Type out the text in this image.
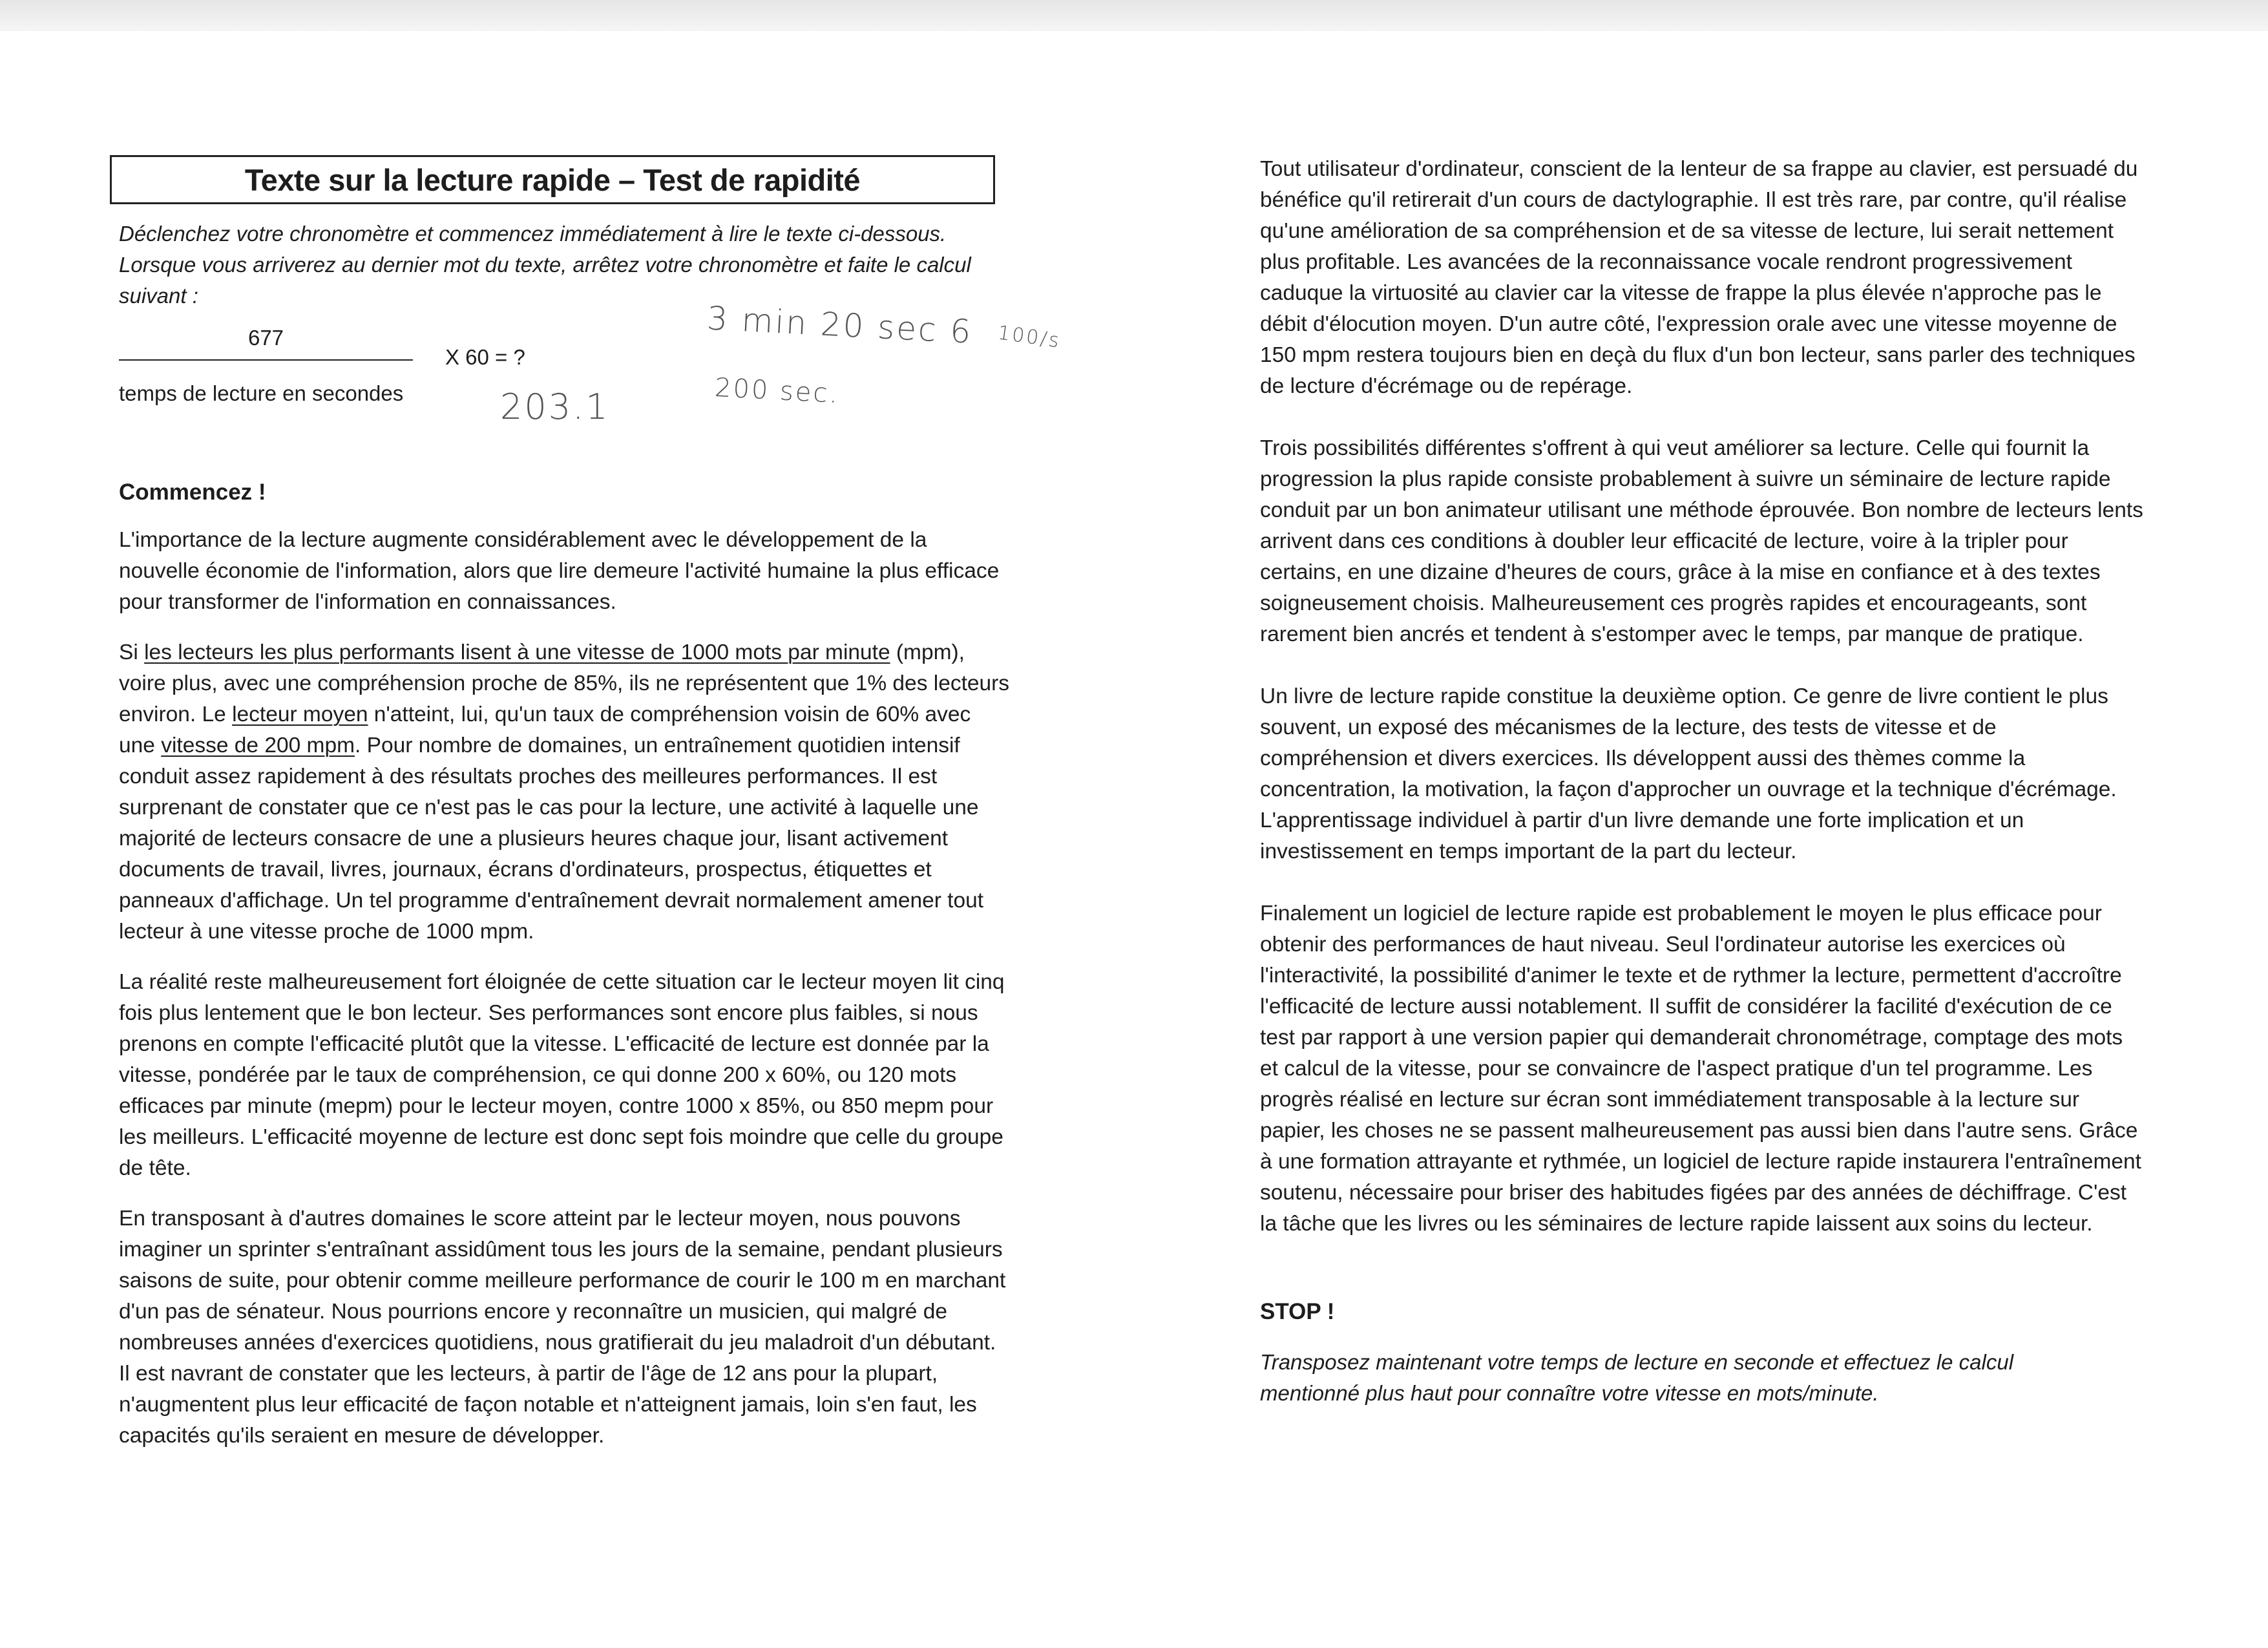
Texte sur la lecture rapide – Test de rapidité
Déclenchez votre chronomètre et commencez immédiatement à lire le texte ci-dessous. Lorsque vous arriverez au dernier mot du texte, arrêtez votre chronomètre et faite le calcul suivant :
677
X 60 = ?
temps de lecture en secondes
3 min 20 sec 6 100/s
203.1	200 sec.
Commencez !

L'importance de la lecture augmente considérablement avec le développement de la nouvelle économie de l'information, alors que lire demeure l'activité humaine la plus efficace pour transformer de l'information en connaissances.

Si les lecteurs les plus performants lisent à une vitesse de 1000 mots par minute (mpm), voire plus, avec une compréhension proche de 85%, ils ne représentent que 1% des lecteurs environ. Le lecteur moyen n'atteint, lui, qu'un taux de compréhension voisin de 60% avec une vitesse de 200 mpm. Pour nombre de domaines, un entraînement quotidien intensif conduit assez rapidement à des résultats proches des meilleures performances. Il est surprenant de constater que ce n'est pas le cas pour la lecture, une activité à laquelle une majorité de lecteurs consacre de une a plusieurs heures chaque jour, lisant activement documents de travail, livres, journaux, écrans d'ordinateurs, prospectus, étiquettes et panneaux d'affichage. Un tel programme d'entraînement devrait normalement amener tout lecteur à une vitesse proche de 1000 mpm.

La réalité reste malheureusement fort éloignée de cette situation car le lecteur moyen lit cinq fois plus lentement que le bon lecteur. Ses performances sont encore plus faibles, si nous prenons en compte l'efficacité plutôt que la vitesse. L'efficacité de lecture est donnée par la vitesse, pondérée par le taux de compréhension, ce qui donne 200 x 60%, ou 120 mots efficaces par minute (mepm) pour le lecteur moyen, contre 1000 x 85%, ou 850 mepm pour les meilleurs. L'efficacité moyenne de lecture est donc sept fois moindre que celle du groupe de tête.

En transposant à d'autres domaines le score atteint par le lecteur moyen, nous pouvons imaginer un sprinter s'entraînant assidûment tous les jours de la semaine, pendant plusieurs saisons de suite, pour obtenir comme meilleure performance de courir le 100 m en marchant d'un pas de sénateur. Nous pourrions encore y reconnaître un musicien, qui malgré de nombreuses années d'exercices quotidiens, nous gratifierait du jeu maladroit d'un débutant. Il est navrant de constater que les lecteurs, à partir de l'âge de 12 ans pour la plupart, n'augmentent plus leur efficacité de façon notable et n'atteignent jamais, loin s'en faut, les capacités qu'ils seraient en mesure de développer.

Tout utilisateur d'ordinateur, conscient de la lenteur de sa frappe au clavier, est persuadé du bénéfice qu'il retirerait d'un cours de dactylographie. Il est très rare, par contre, qu'il réalise qu'une amélioration de sa compréhension et de sa vitesse de lecture, lui serait nettement plus profitable. Les avancées de la reconnaissance vocale rendront progressivement caduque la virtuosité au clavier car la vitesse de frappe la plus élevée n'approche pas le débit d'élocution moyen. D'un autre côté, l'expression orale avec une vitesse moyenne de 150 mpm restera toujours bien en deçà du flux d'un bon lecteur, sans parler des techniques de lecture d'écrémage ou de repérage.

Trois possibilités différentes s'offrent à qui veut améliorer sa lecture. Celle qui fournit la progression la plus rapide consiste probablement à suivre un séminaire de lecture rapide conduit par un bon animateur utilisant une méthode éprouvée. Bon nombre de lecteurs lents arrivent dans ces conditions à doubler leur efficacité de lecture, voire à la tripler pour certains, en une dizaine d'heures de cours, grâce à la mise en confiance et à des textes soigneusement choisis. Malheureusement ces progrès rapides et encourageants, sont rarement bien ancrés et tendent à s'estomper avec le temps, par manque de pratique.

Un livre de lecture rapide constitue la deuxième option. Ce genre de livre contient le plus souvent, un exposé des mécanismes de la lecture, des tests de vitesse et de compréhension et divers exercices. Ils développent aussi des thèmes comme la concentration, la motivation, la façon d'approcher un ouvrage et la technique d'écrémage. L'apprentissage individuel à partir d'un livre demande une forte implication et un investissement en temps important de la part du lecteur.

Finalement un logiciel de lecture rapide est probablement le moyen le plus efficace pour obtenir des performances de haut niveau. Seul l'ordinateur autorise les exercices où l'interactivité, la possibilité d'animer le texte et de rythmer la lecture, permettent d'accroître l'efficacité de lecture aussi notablement. Il suffit de considérer la facilité d'exécution de ce test par rapport à une version papier qui demanderait chronométrage, comptage des mots et calcul de la vitesse, pour se convaincre de l'aspect pratique d'un tel programme. Les progrès réalisé en lecture sur écran sont immédiatement transposable à la lecture sur papier, les choses ne se passent malheureusement pas aussi bien dans l'autre sens. Grâce à une formation attrayante et rythmée, un logiciel de lecture rapide instaurera l'entraînement soutenu, nécessaire pour briser des habitudes figées par des années de déchiffrage. C'est la tâche que les livres ou les séminaires de lecture rapide laissent aux soins du lecteur.

STOP !
Transposez maintenant votre temps de lecture en seconde et effectuez le calcul mentionné plus haut pour connaître votre vitesse en mots/minute.
